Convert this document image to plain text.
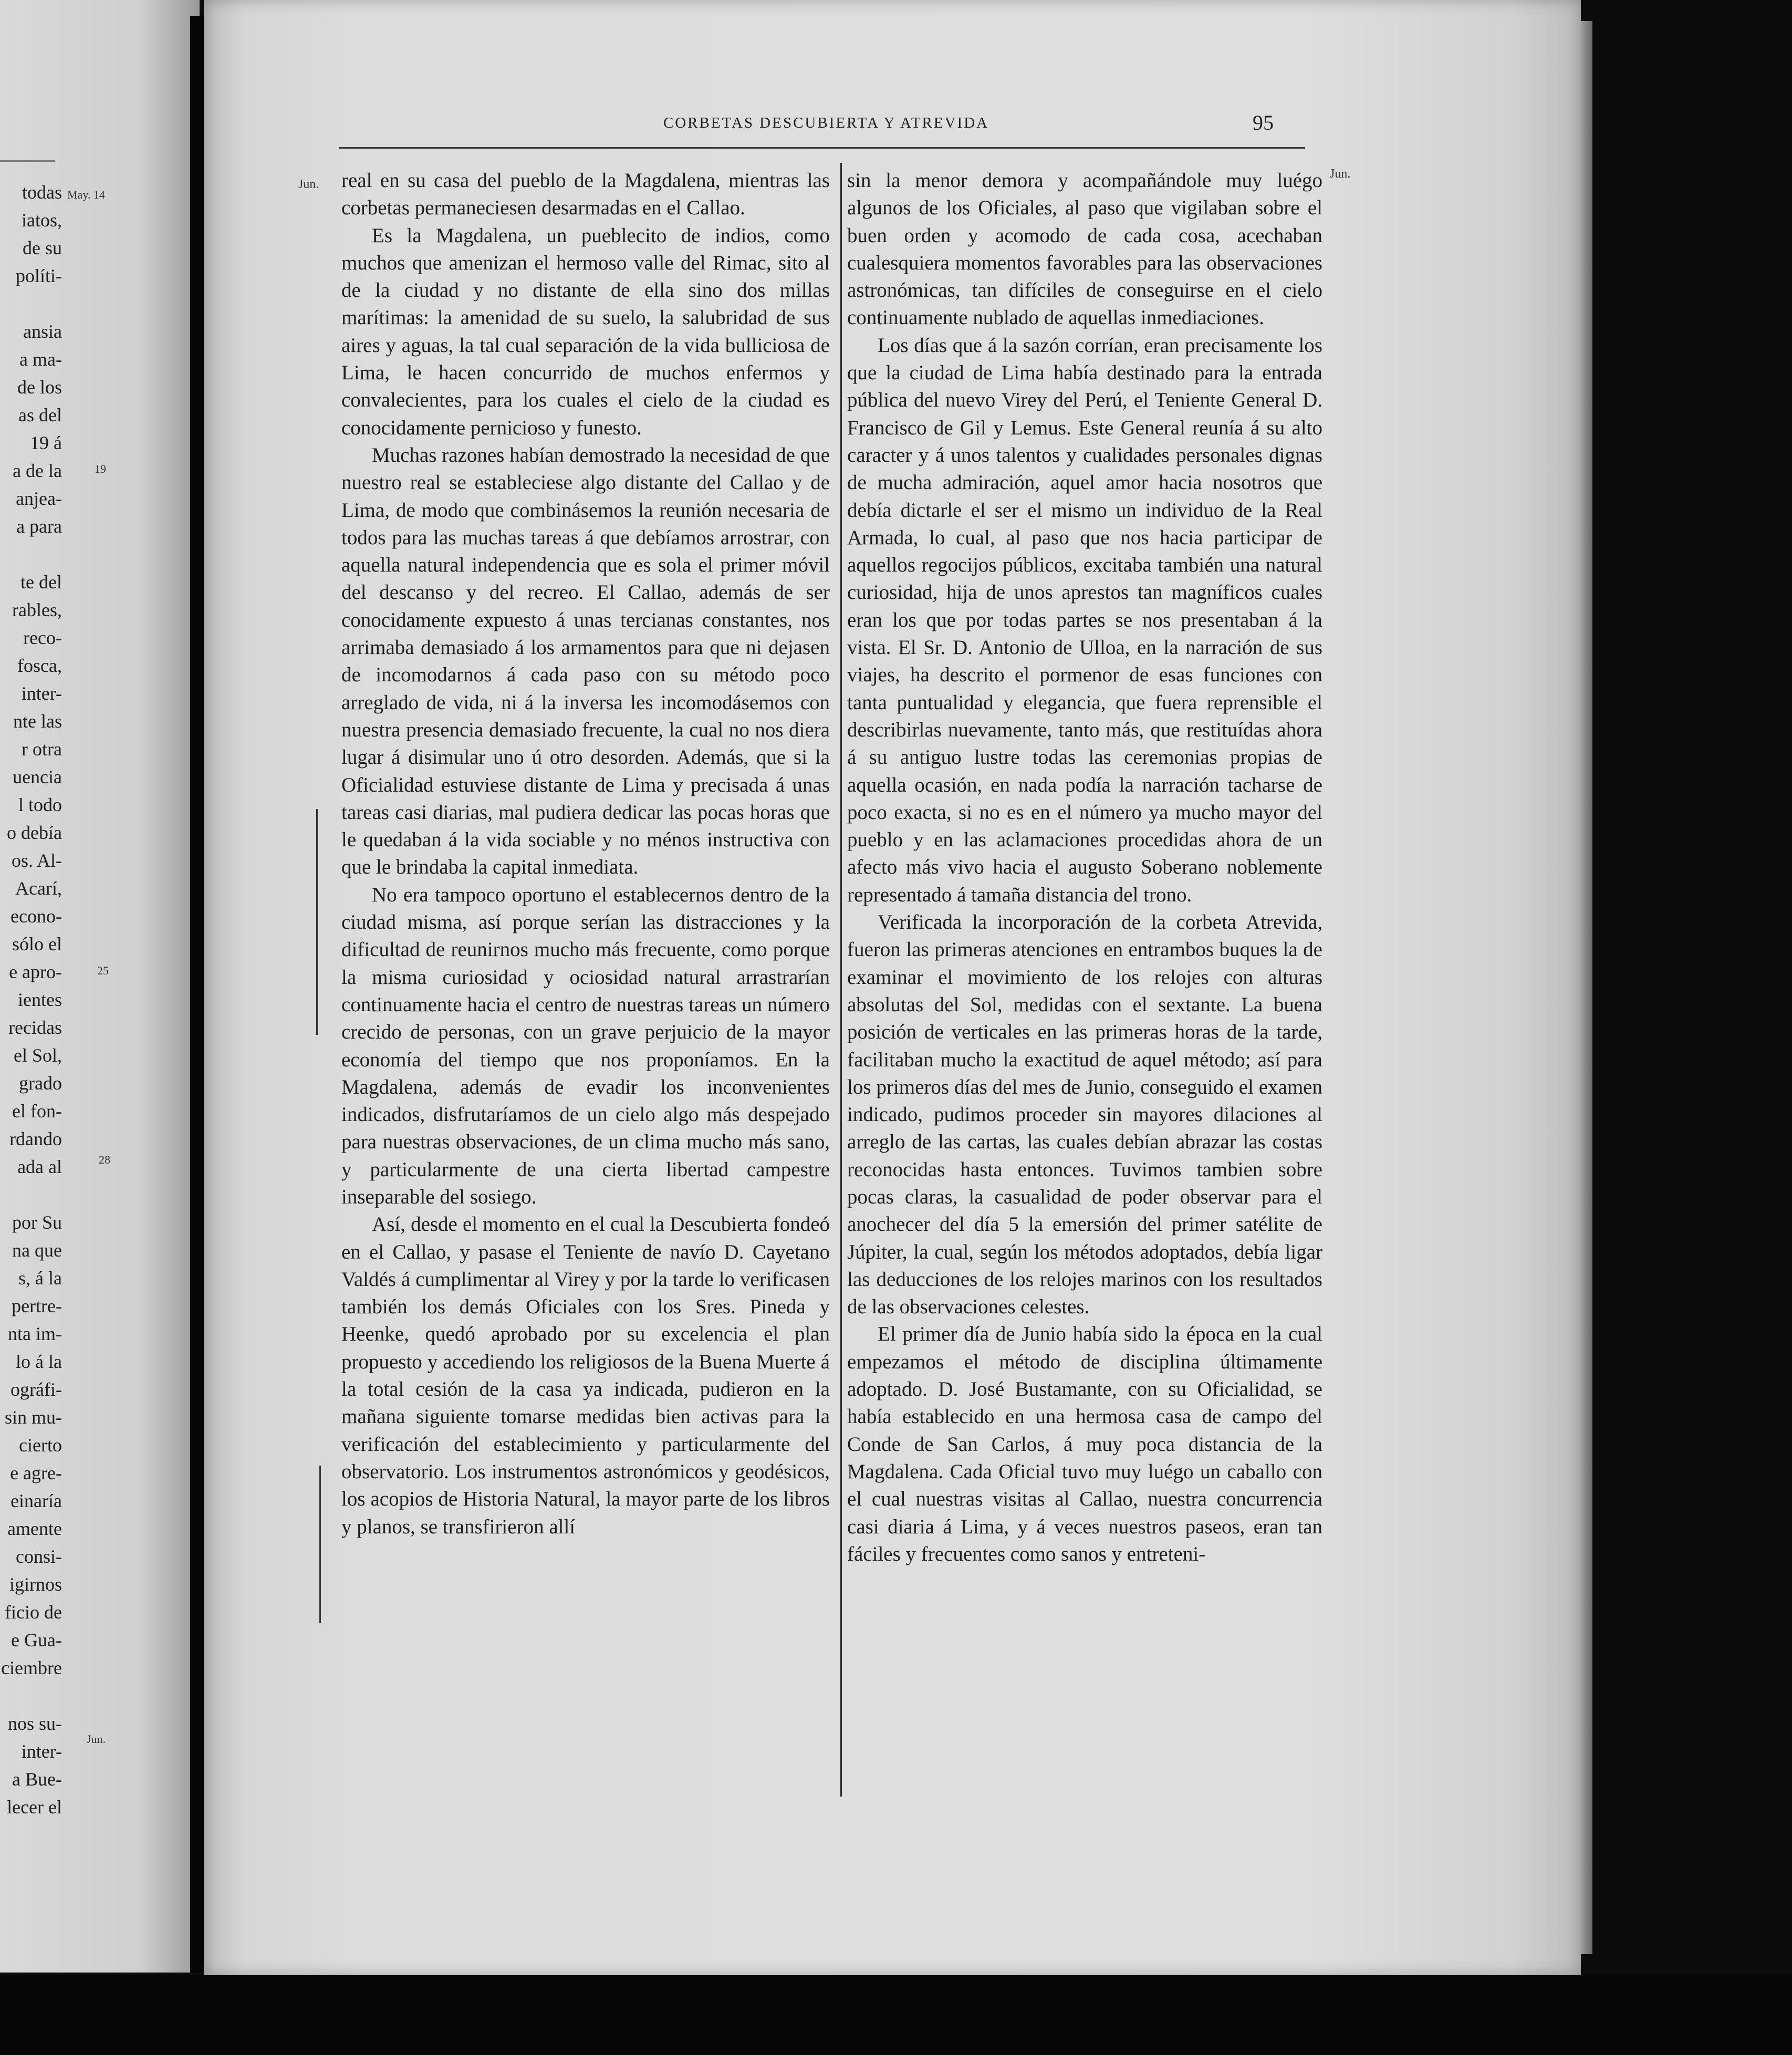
todas
iatos,
de su
políti-
ansia
a ma-
de los
as del
19 á
a de la
anjea-
a para
te del
rables,
reco-
fosca,
inter-
nte las
r otra
uencia
l todo
o debía
os. Al-
Acarí,
econo-
sólo el
e apro-
ientes
recidas
el Sol,
grado
el fon-
rdando
ada al
por Su
na que
s, á la
pertre-
nta im-
lo á la
ográfi-
sin mu-
cierto
e agre-
einaría
amente
consi-
igirnos
ficio de
e Gua-
ciembre
nos su-
inter-
a Bue-
lecer el
May. 14
19
25
28
Jun.
CORBETAS DESCUBIERTA Y ATREVIDA	95
Jun.
Jun.

real en su casa del pueblo de la Magdalena, mientras las corbetas permaneciesen desarmadas en el Callao.

Es la Magdalena, un pueblecito de indios, como muchos que amenizan el hermoso valle del Rimac, sito al de la ciudad y no distante de ella sino dos millas marítimas: la amenidad de su suelo, la salubridad de sus aires y aguas, la tal cual separación de la vida bulliciosa de Lima, le hacen concurrido de muchos enfermos y convalecientes, para los cuales el cielo de la ciudad es conocidamente pernicioso y funesto.

Muchas razones habían demostrado la necesidad de que nuestro real se estableciese algo distante del Callao y de Lima, de modo que combinásemos la reunión necesaria de todos para las muchas tareas á que debíamos arrostrar, con aquella natural independencia que es sola el primer móvil del descanso y del recreo. El Callao, además de ser conocidamente expuesto á unas tercianas constantes, nos arrimaba demasiado á los armamentos para que ni dejasen de incomodarnos á cada paso con su método poco arreglado de vida, ni á la inversa les incomodásemos con nuestra presencia demasiado frecuente, la cual no nos diera lugar á disimular uno ú otro desorden. Además, que si la Oficialidad estuviese distante de Lima y precisada á unas tareas casi diarias, mal pudiera dedicar las pocas horas que le quedaban á la vida sociable y no ménos instructiva con que le brindaba la capital inmediata.

No era tampoco oportuno el establecernos dentro de la ciudad misma, así porque serían las distracciones y la dificultad de reunirnos mucho más frecuente, como porque la misma curiosidad y ociosidad natural arrastrarían continuamente hacia el centro de nuestras tareas un número crecido de personas, con un grave perjuicio de la mayor economía del tiempo que nos proponíamos. En la Magdalena, además de evadir los inconvenientes indicados, disfrutaríamos de un cielo algo más despejado para nuestras observaciones, de un clima mucho más sano, y particularmente de una cierta libertad campestre inseparable del sosiego.

Así, desde el momento en el cual la Descubierta fondeó en el Callao, y pasase el Teniente de navío D. Cayetano Valdés á cumplimentar al Virey y por la tarde lo verificasen también los demás Oficiales con los Sres. Pineda y Heenke, quedó aprobado por su excelencia el plan propuesto y accediendo los religiosos de la Buena Muerte á la total cesión de la casa ya indicada, pudieron en la mañana siguiente tomarse medidas bien activas para la verificación del establecimiento y particularmente del observatorio. Los instrumentos astronómicos y geodésicos, los acopios de Historia Natural, la mayor parte de los libros y planos, se transfirieron allí

sin la menor demora y acompañándole muy luégo algunos de los Oficiales, al paso que vigilaban sobre el buen orden y acomodo de cada cosa, acechaban cualesquiera momentos favorables para las observaciones astronómicas, tan difíciles de conseguirse en el cielo continuamente nublado de aquellas inmediaciones.

Los días que á la sazón corrían, eran precisamente los que la ciudad de Lima había destinado para la entrada pública del nuevo Virey del Perú, el Teniente General D. Francisco de Gil y Lemus. Este General reunía á su alto caracter y á unos talentos y cualidades personales dignas de mucha admiración, aquel amor hacia nosotros que debía dictarle el ser el mismo un individuo de la Real Armada, lo cual, al paso que nos hacia participar de aquellos regocijos públicos, excitaba también una natural curiosidad, hija de unos aprestos tan magníficos cuales eran los que por todas partes se nos presentaban á la vista. El Sr. D. Antonio de Ulloa, en la narración de sus viajes, ha descrito el pormenor de esas funciones con tanta puntualidad y elegancia, que fuera reprensible el describirlas nuevamente, tanto más, que restituídas ahora á su antiguo lustre todas las ceremonias propias de aquella ocasión, en nada podía la narración tacharse de poco exacta, si no es en el número ya mucho mayor del pueblo y en las aclamaciones procedidas ahora de un afecto más vivo hacia el augusto Soberano noblemente representado á tamaña distancia del trono.

Verificada la incorporación de la corbeta Atrevida, fueron las primeras atenciones en entrambos buques la de examinar el movimiento de los relojes con alturas absolutas del Sol, medidas con el sextante. La buena posición de verticales en las primeras horas de la tarde, facilitaban mucho la exactitud de aquel método; así para los primeros días del mes de Junio, conseguido el examen indicado, pudimos proceder sin mayores dilaciones al arreglo de las cartas, las cuales debían abrazar las costas reconocidas hasta entonces. Tuvimos tambien sobre pocas claras, la casualidad de poder observar para el anochecer del día 5 la emersión del primer satélite de Júpiter, la cual, según los métodos adoptados, debía ligar las deducciones de los relojes marinos con los resultados de las observaciones celestes.

El primer día de Junio había sido la época en la cual empezamos el método de disciplina últimamente adoptado. D. José Bustamante, con su Oficialidad, se había establecido en una hermosa casa de campo del Conde de San Carlos, á muy poca distancia de la Magdalena. Cada Oficial tuvo muy luégo un caballo con el cual nuestras visitas al Callao, nuestra concurrencia casi diaria á Lima, y á veces nuestros paseos, eran tan fáciles y frecuentes como sanos y entreteni-
